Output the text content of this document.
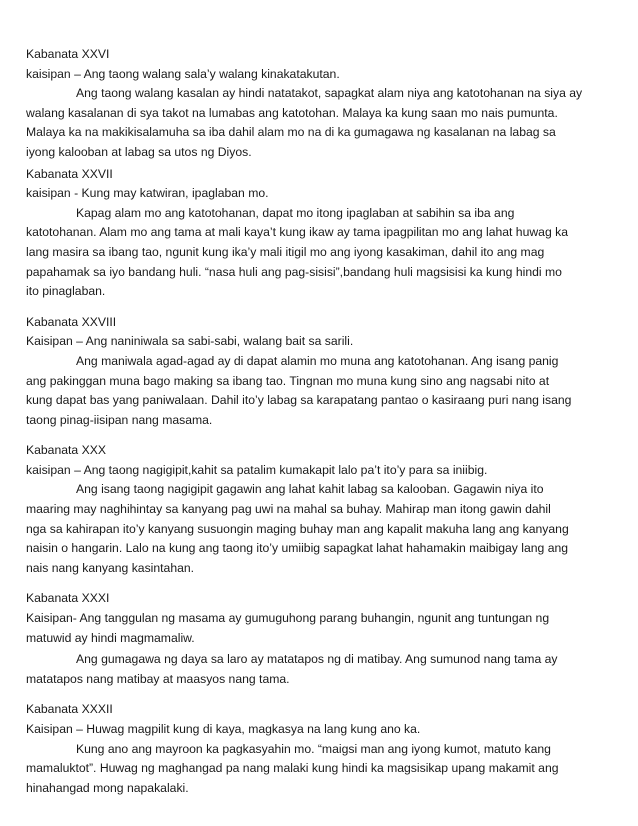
Kabanata XXVI
kaisipan – Ang taong walang sala’y walang kinakatakutan.
Ang taong walang kasalan ay hindi natatakot, sapagkat alam niya ang katotohanan na siya ay
walang kasalanan di sya takot na lumabas ang katotohan. Malaya ka kung saan mo nais pumunta.
Malaya ka na makikisalamuha sa iba dahil alam mo na di ka gumagawa ng kasalanan na labag sa
iyong kalooban at labag sa utos ng Diyos.
Kabanata XXVII
kaisipan - Kung may katwiran, ipaglaban mo.
Kapag alam mo ang katotohanan, dapat mo itong ipaglaban at sabihin sa iba ang
katotohanan. Alam mo ang tama at mali kaya’t kung ikaw ay tama ipagpilitan mo ang lahat huwag ka
lang masira sa ibang tao, ngunit kung ika’y mali itigil mo ang iyong kasakiman, dahil ito ang mag
papahamak sa iyo bandang huli. “nasa huli ang pag-sisisi”,bandang huli magsisisi ka kung hindi mo
ito pinaglaban.
Kabanata XXVIII
Kaisipan – Ang naniniwala sa sabi-sabi, walang bait sa sarili.
Ang maniwala agad-agad ay di dapat alamin mo muna ang katotohanan. Ang isang panig
ang pakinggan muna bago making sa ibang tao. Tingnan mo muna kung sino ang nagsabi nito at
kung dapat bas yang paniwalaan. Dahil ito’y labag sa karapatang pantao o kasiraang puri nang isang
taong pinag-iisipan nang masama.
Kabanata XXX
kaisipan – Ang taong nagigipit,kahit sa patalim kumakapit lalo pa’t ito’y para sa iniibig.
Ang isang taong nagigipit gagawin ang lahat kahit labag sa kalooban. Gagawin niya ito
maaring may naghihintay sa kanyang pag uwi na mahal sa buhay. Mahirap man itong gawin dahil
nga sa kahirapan ito’y kanyang susuongin maging buhay man ang kapalit makuha lang ang kanyang
naisin o hangarin. Lalo na kung ang taong ito’y umiibig sapagkat lahat hahamakin maibigay lang ang
nais nang kanyang kasintahan.
Kabanata XXXI
Kaisipan- Ang tanggulan ng masama ay gumuguhong parang buhangin, ngunit ang tuntungan ng
matuwid ay hindi magmamaliw.
Ang gumagawa ng daya sa laro ay matatapos ng di matibay. Ang sumunod nang tama ay
matatapos nang matibay at maasyos nang tama.
Kabanata XXXII
Kaisipan – Huwag magpilit kung di kaya, magkasya na lang kung ano ka.
Kung ano ang mayroon ka pagkasyahin mo. “maigsi man ang iyong kumot, matuto kang
mamaluktot”. Huwag ng maghangad pa nang malaki kung hindi ka magsisikap upang makamit ang
hinahangad mong napakalaki.
